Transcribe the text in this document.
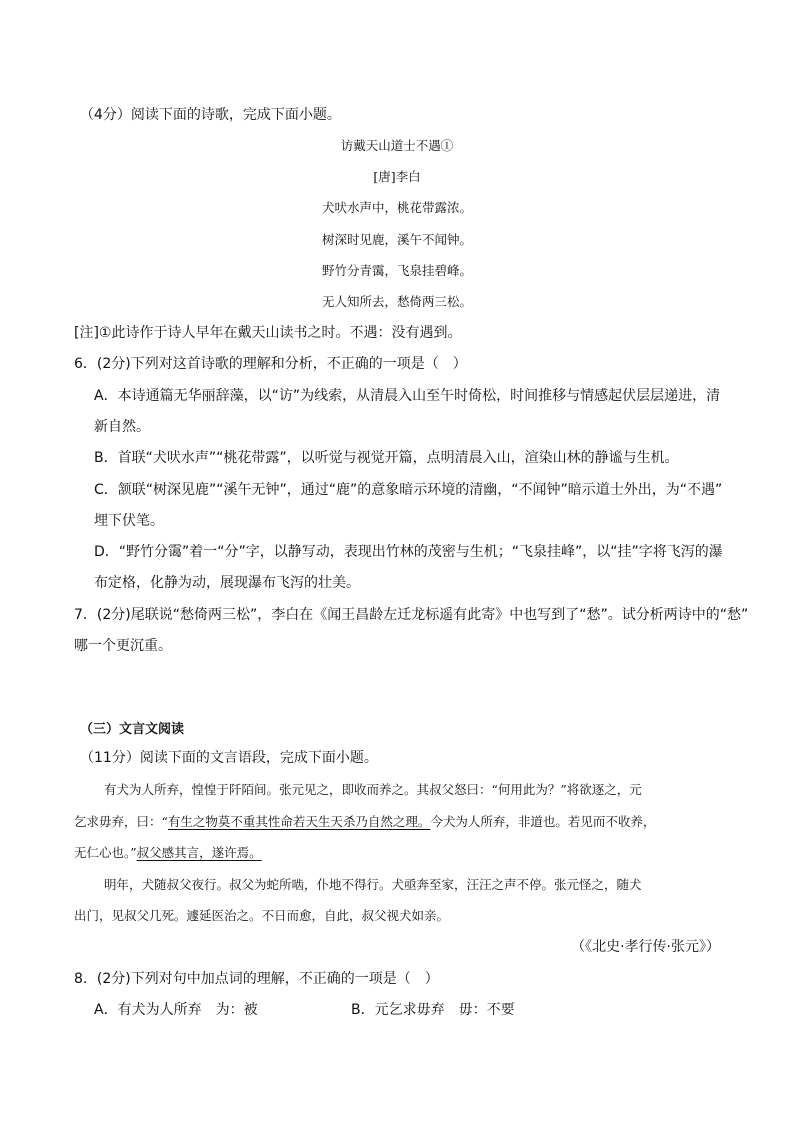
（4分）阅读下面的诗歌，完成下面小题。
访戴天山道士不遇①
[唐]李白
犬吠水声中，桃花带露浓。
树深时见鹿，溪午不闻钟。
野竹分青霭，飞泉挂碧峰。
无人知所去，愁倚两三松。
[注]①此诗作于诗人早年在戴天山读书之时。不遇：没有遇到。
6．(2分)下列对这首诗歌的理解和分析，不正确的一项是（　）
A．本诗通篇无华丽辞藻，以“访”为线索，从清晨入山至午时倚松，时间推移与情感起伏层层递进，清
新自然。
B．首联“犬吠水声”“桃花带露”，以听觉与视觉开篇，点明清晨入山，渲染山林的静谧与生机。
C．颔联“树深见鹿”“溪午无钟”，通过“鹿”的意象暗示环境的清幽，“不闻钟”暗示道士外出，为“不遇”
埋下伏笔。
D．“野竹分霭”着一“分”字，以静写动，表现出竹林的茂密与生机；“飞泉挂峰”，以“挂”字将飞泻的瀑
布定格，化静为动，展现瀑布飞泻的壮美。
7．(2分)尾联说“愁倚两三松”，李白在《闻王昌龄左迁龙标遥有此寄》中也写到了“愁”。试分析两诗中的“愁”
哪一个更沉重。
（三）文言文阅读
（11分）阅读下面的文言语段，完成下面小题。
有犬为人所弃，惶惶于阡陌间。张元见之，即收而养之。其叔父怒曰：“何用此为？”将欲逐之，元
乞求毋弃，曰：“有生之物莫不重其性命若天生天杀乃自然之理。今犬为人所弃，非道也。若见而不收养，
无仁心也。”叔父感其言，遂许焉。
明年，犬随叔父夜行。叔父为蛇所啮，仆地不得行。犬亟奔至家，汪汪之声不停。张元怪之，随犬
出门，见叔父几死。遽延医治之。不日而愈，自此，叔父视犬如亲。
（《北史·孝行传·张元》）
8．(2分)下列对句中加点词的理解，不正确的一项是（　）
A．有犬为人所弃　为：被	B．元乞求毋弃　毋：不要
